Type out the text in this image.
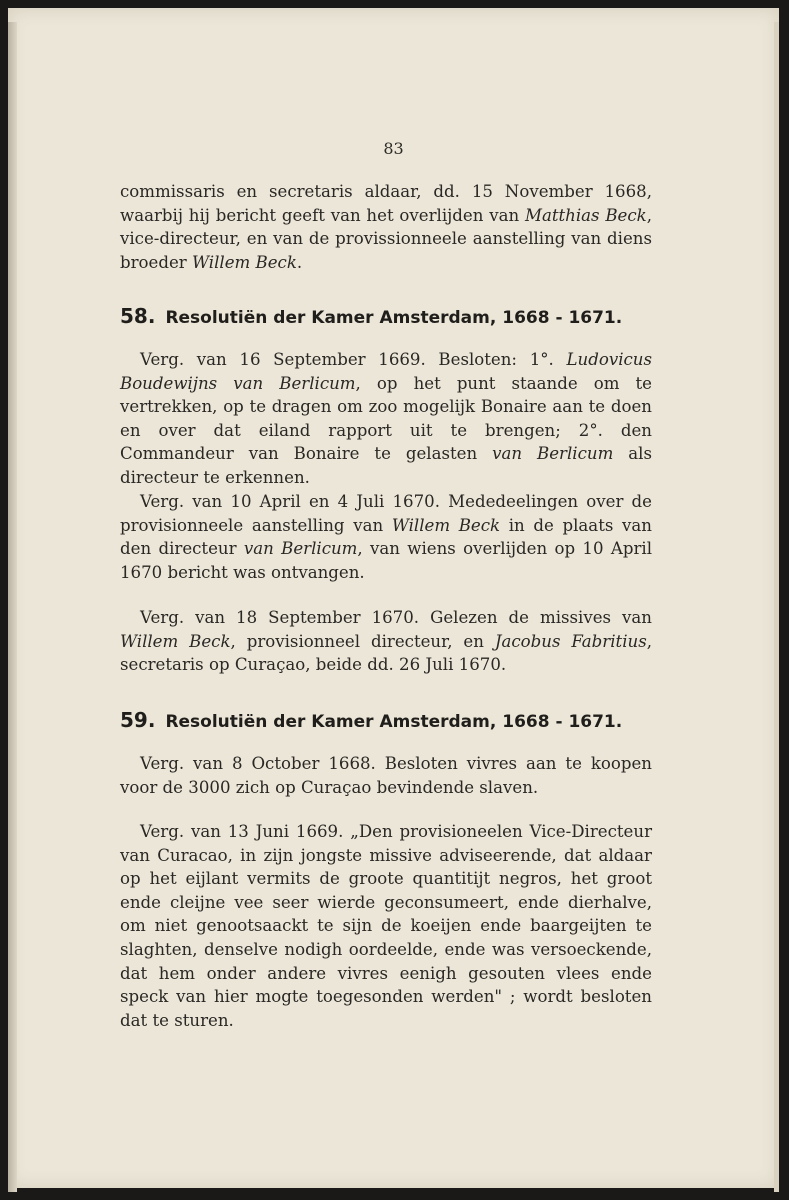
83

commissaris en secretaris aldaar, dd. 15 November 1668, waarbij hij bericht geeft van het overlijden van Matthias Beck, vice-directeur, en van de provissionneele aanstelling van diens broeder Willem Beck.

58. Resolutiën der Kamer Amsterdam, 1668 - 1671.

Verg. van 16 September 1669. Besloten: 1°. Ludovicus Boudewijns van Berlicum, op het punt staande om te vertrekken, op te dragen om zoo mogelijk Bonaire aan te doen en over dat eiland rapport uit te brengen; 2°. den Commandeur van Bonaire te gelasten van Berlicum als directeur te erkennen.

Verg. van 10 April en 4 Juli 1670. Mededeelingen over de provisionneele aanstelling van Willem Beck in de plaats van den directeur van Berlicum, van wiens overlijden op 10 April 1670 bericht was ontvangen.

Verg. van 18 September 1670. Gelezen de missives van Willem Beck, provisionneel directeur, en Jacobus Fabritius, secretaris op Curaçao, beide dd. 26 Juli 1670.

59. Resolutiën der Kamer Amsterdam, 1668 - 1671.

Verg. van 8 October 1668. Besloten vivres aan te koopen voor de 3000 zich op Curaçao bevindende slaven.

Verg. van 13 Juni 1669. „Den provisioneelen Vice-Directeur van Curacao, in zijn jongste missive adviseerende, dat aldaar op het eijlant vermits de groote quantitijt negros, het groot ende cleijne vee seer wierde geconsumeert, ende dierhalve, om niet genootsaackt te sijn de koeijen ende baargeijten te slaghten, denselve nodigh oordeelde, ende was versoeckende, dat hem onder andere vivres eenigh gesouten vlees ende speck van hier mogte toegesonden werden" ; wordt besloten dat te sturen.
